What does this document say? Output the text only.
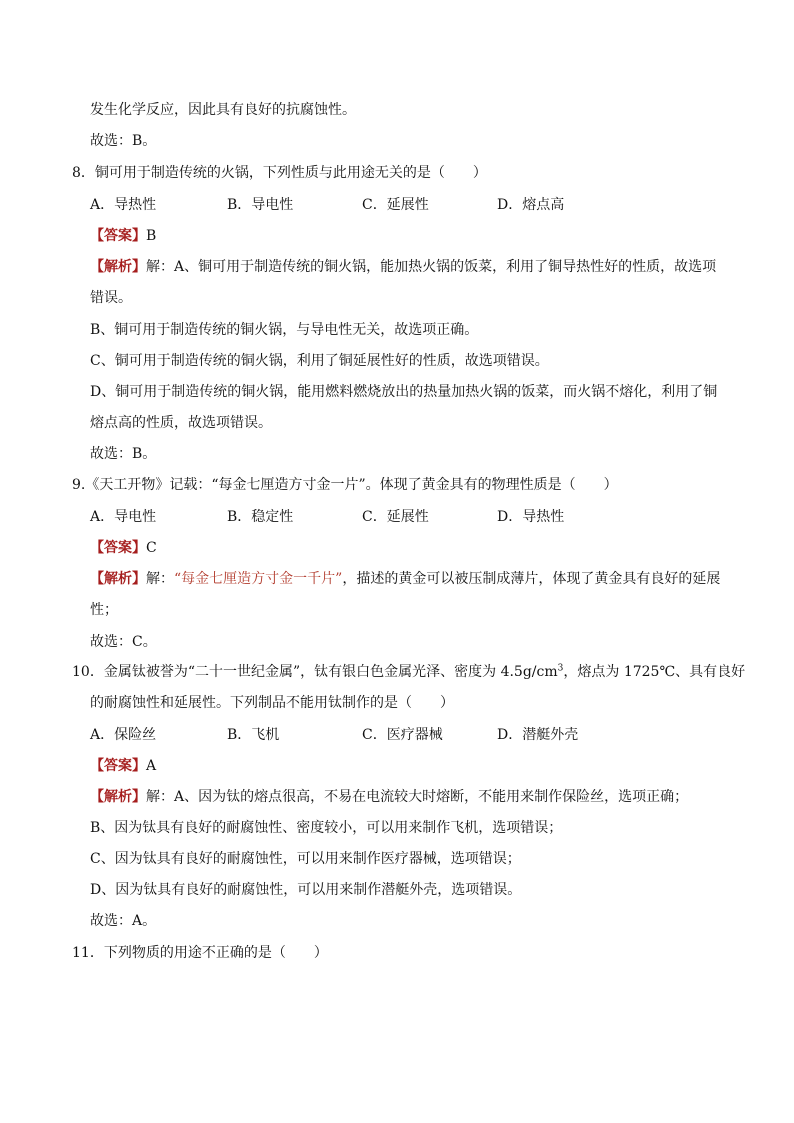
发生化学反应，因此具有良好的抗腐蚀性。
故选：B。
8．铜可用于制造传统的火锅，下列性质与此用途无关的是（　　）
A．导热性	B．导电性	C．延展性	D．熔点高
【答案】B
【解析】解：A、铜可用于制造传统的铜火锅，能加热火锅的饭菜，利用了铜导热性好的性质，故选项
错误。
B、铜可用于制造传统的铜火锅，与导电性无关，故选项正确。
C、铜可用于制造传统的铜火锅，利用了铜延展性好的性质，故选项错误。
D、铜可用于制造传统的铜火锅，能用燃料燃烧放出的热量加热火锅的饭菜，而火锅不熔化，利用了铜
熔点高的性质，故选项错误。
故选：B。
9.《天工开物》记载：“每金七厘造方寸金一片”。体现了黄金具有的物理性质是（　　）
A．导电性	B．稳定性	C．延展性	D．导热性
【答案】C
【解析】解：“每金七厘造方寸金一千片”，描述的黄金可以被压制成薄片，体现了黄金具有良好的延展
性；
故选：C。
10．金属钛被誉为“二十一世纪金属”，钛有银白色金属光泽、密度为 $4.5g/cm^3$，熔点为 1725℃、具有良好
的耐腐蚀性和延展性。下列制品不能用钛制作的是（　　）
A．保险丝	B．飞机	C．医疗器械	D．潜艇外壳
【答案】A
【解析】解：A、因为钛的熔点很高，不易在电流较大时熔断，不能用来制作保险丝，选项正确；
B、因为钛具有良好的耐腐蚀性、密度较小，可以用来制作飞机，选项错误；
C、因为钛具有良好的耐腐蚀性，可以用来制作医疗器械，选项错误；
D、因为钛具有良好的耐腐蚀性，可以用来制作潜艇外壳，选项错误。
故选：A。
11．下列物质的用途不正确的是（　　）
